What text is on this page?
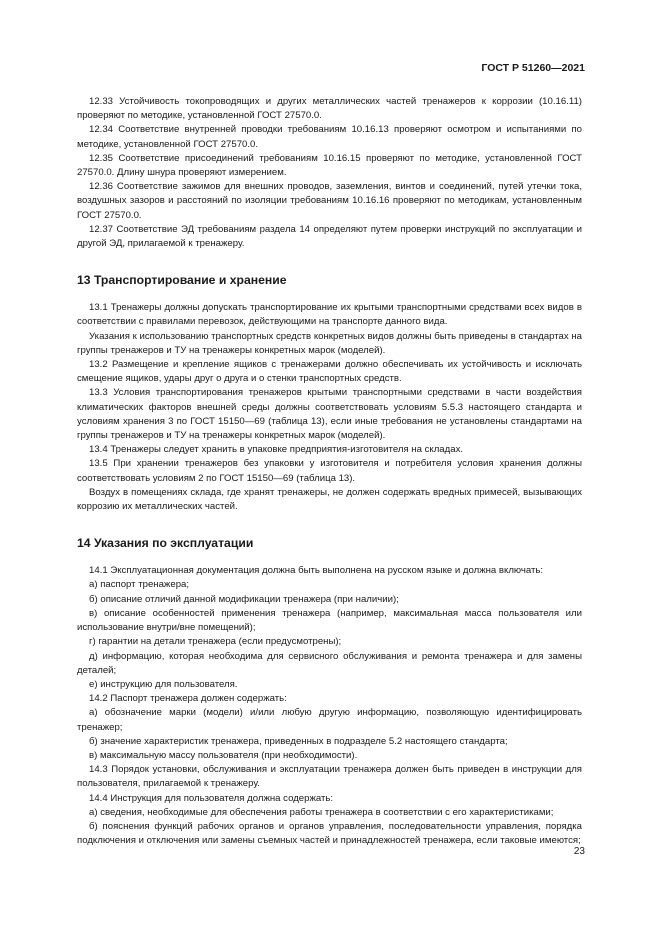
ГОСТ Р 51260—2021

12.33 Устойчивость токопроводящих и других металлических частей тренажеров к коррозии (10.16.11) проверяют по методике, установленной ГОСТ 27570.0.

12.34 Соответствие внутренней проводки требованиям 10.16.13 проверяют осмотром и испытаниями по методике, установленной ГОСТ 27570.0.

12.35 Соответствие присоединений требованиям 10.16.15 проверяют по методике, установленной ГОСТ 27570.0. Длину шнура проверяют измерением.

12.36 Соответствие зажимов для внешних проводов, заземления, винтов и соединений, путей утечки тока, воздушных зазоров и расстояний по изоляции требованиям 10.16.16 проверяют по методикам, установленным ГОСТ 27570.0.

12.37 Соответствие ЭД требованиям раздела 14 определяют путем проверки инструкций по эксплуатации и другой ЭД, прилагаемой к тренажеру.

13 Транспортирование и хранение

13.1 Тренажеры должны допускать транспортирование их крытыми транспортными средствами всех видов в соответствии с правилами перевозок, действующими на транспорте данного вида.

Указания к использованию транспортных средств конкретных видов должны быть приведены в стандартах на группы тренажеров и ТУ на тренажеры конкретных марок (моделей).

13.2 Размещение и крепление ящиков с тренажерами должно обеспечивать их устойчивость и исключать смещение ящиков, удары друг о друга и о стенки транспортных средств.

13.3 Условия транспортирования тренажеров крытыми транспортными средствами в части воздействия климатических факторов внешней среды должны соответствовать условиям 5.5.3 настоящего стандарта и условиям хранения 3 по ГОСТ 15150—69 (таблица 13), если иные требования не установлены стандартами на группы тренажеров и ТУ на тренажеры конкретных марок (моделей).

13.4 Тренажеры следует хранить в упаковке предприятия-изготовителя на складах.

13.5 При хранении тренажеров без упаковки у изготовителя и потребителя условия хранения должны соответствовать условиям 2 по ГОСТ 15150—69 (таблица 13).

Воздух в помещениях склада, где хранят тренажеры, не должен содержать вредных примесей, вызывающих коррозию их металлических частей.

14 Указания по эксплуатации

14.1 Эксплуатационная документация должна быть выполнена на русском языке и должна включать:

а) паспорт тренажера;

б) описание отличий данной модификации тренажера (при наличии);

в) описание особенностей применения тренажера (например, максимальная масса пользователя или использование внутри/вне помещений);

г) гарантии на детали тренажера (если предусмотрены);

д) информацию, которая необходима для сервисного обслуживания и ремонта тренажера и для замены деталей;

е) инструкцию для пользователя.

14.2 Паспорт тренажера должен содержать:

а) обозначение марки (модели) и/или любую другую информацию, позволяющую идентифицировать тренажер;

б) значение характеристик тренажера, приведенных в подразделе 5.2 настоящего стандарта;

в) максимальную массу пользователя (при необходимости).

14.3 Порядок установки, обслуживания и эксплуатации тренажера должен быть приведен в инструкции для пользователя, прилагаемой к тренажеру.

14.4 Инструкция для пользователя должна содержать:

а) сведения, необходимые для обеспечения работы тренажера в соответствии с его характеристиками;

б) пояснения функций рабочих органов и органов управления, последовательности управления, порядка подключения и отключения или замены съемных частей и принадлежностей тренажера, если таковые имеются;

23
